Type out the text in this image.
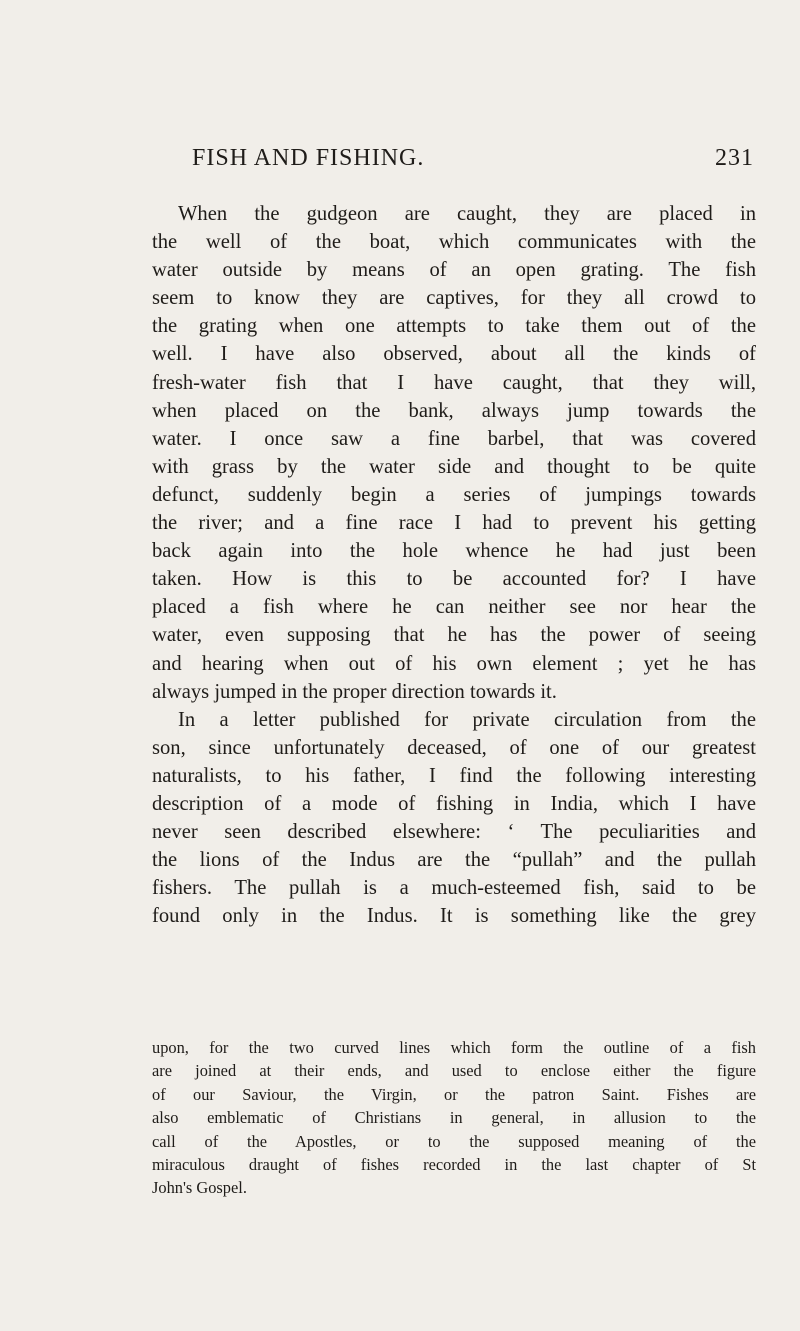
FISH AND FISHING.	231
When the gudgeon are caught, they are placed in
the well of the boat, which communicates with the
water outside by means of an open grating. The fish
seem to know they are captives, for they all crowd to
the grating when one attempts to take them out of the
well. I have also observed, about all the kinds of
fresh-water fish that I have caught, that they will,
when placed on the bank, always jump towards the
water. I once saw a fine barbel, that was covered
with grass by the water side and thought to be quite
defunct, suddenly begin a series of jumpings towards
the river; and a fine race I had to prevent his getting
back again into the hole whence he had just been
taken. How is this to be accounted for? I have
placed a fish where he can neither see nor hear the
water, even supposing that he has the power of seeing
and hearing when out of his own element ; yet he has
always jumped in the proper direction towards it.
In a letter published for private circulation from the
son, since unfortunately deceased, of one of our greatest
naturalists, to his father, I find the following interesting
description of a mode of fishing in India, which I have
never seen described elsewhere: ‘ The peculiarities and
the lions of the Indus are the “pullah” and the pullah
fishers. The pullah is a much-esteemed fish, said to be
found only in the Indus. It is something like the grey
upon, for the two curved lines which form the outline of a fish
are joined at their ends, and used to enclose either the figure
of our Saviour, the Virgin, or the patron Saint. Fishes are
also emblematic of Christians in general, in allusion to the
call of the Apostles, or to the supposed meaning of the
miraculous draught of fishes recorded in the last chapter of St
John's Gospel.
